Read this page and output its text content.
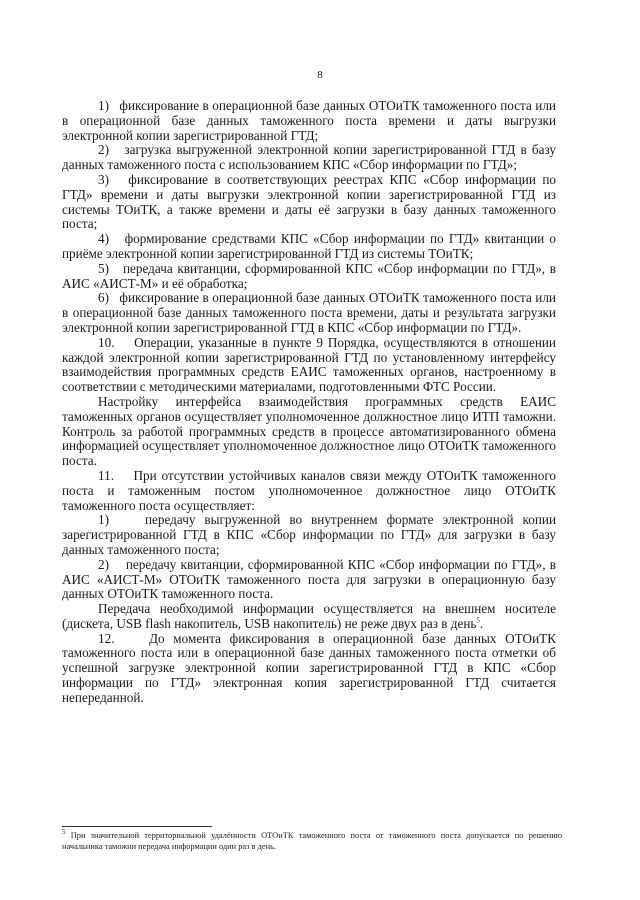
8

1)   фиксирование в операционной базе данных ОТОиТК таможенного поста или в операционной базе данных таможенного поста времени и даты выгрузки электронной копии зарегистрированной ГТД;

2)   загрузка выгруженной электронной копии зарегистрированной ГТД в базу данных таможенного поста с использованием КПС «Сбор информации по ГТД»;

3)   фиксирование в соответствующих реестрах КПС «Сбор информации по ГТД» времени и даты выгрузки электронной копии зарегистрированной ГТД из системы ТОиТК, а также времени и даты её загрузки в базу данных таможенного поста;

4)   формирование средствами КПС «Сбор информации по ГТД» квитанции о приёме электронной копии зарегистрированной ГТД из системы ТОиТК;

5)   передача квитанции, сформированной КПС «Сбор информации по ГТД», в АИС «АИСТ-М» и её обработка;

6)   фиксирование в операционной базе данных ОТОиТК таможенного поста или в операционной базе данных таможенного поста времени, даты и результата загрузки электронной копии зарегистрированной ГТД в КПС «Сбор информации по ГТД».

10.    Операции, указанные в пункте 9 Порядка, осуществляются в отношении каждой электронной копии зарегистрированной ГТД по установленному интерфейсу взаимодействия программных средств ЕАИС таможенных органов, настроенному в соответствии с методическими материалами, подготовленными ФТС России.

Настройку интерфейса взаимодействия программных средств ЕАИС таможенных органов осуществляет уполномоченное должностное лицо ИТП таможни. Контроль за работой программных средств в процессе автоматизированного обмена информацией осуществляет уполномоченное должностное лицо ОТОиТК таможенного поста.

11.    При отсутствии устойчивых каналов связи между ОТОиТК таможенного поста и таможенным постом уполномоченное должностное лицо ОТОиТК таможенного поста осуществляет:

1)    передачу выгруженной во внутреннем формате электронной копии зарегистрированной ГТД в КПС «Сбор информации по ГТД» для загрузки в базу данных таможенного поста;

2)    передачу квитанции, сформированной КПС «Сбор информации по ГТД», в АИС «АИСТ-М» ОТОиТК таможенного поста для загрузки в операционную базу данных ОТОиТК таможенного поста.

Передача необходимой информации осуществляется на внешнем носителе (дискета, USB flash накопитель, USB накопитель) не реже двух раз в день$^5$.

12.    До момента фиксирования в операционной базе данных ОТОиТК таможенного поста или в операционной базе данных таможенного поста отметки об успешной загрузке электронной копии зарегистрированной ГТД в КПС «Сбор информации по ГТД» электронная копия зарегистрированной ГТД считается непереданной.

$^5$ При значительной территориальной удалённости ОТОиТК таможенного поста от таможенного поста допускается по решению начальника таможни передача информации один раз в день.
